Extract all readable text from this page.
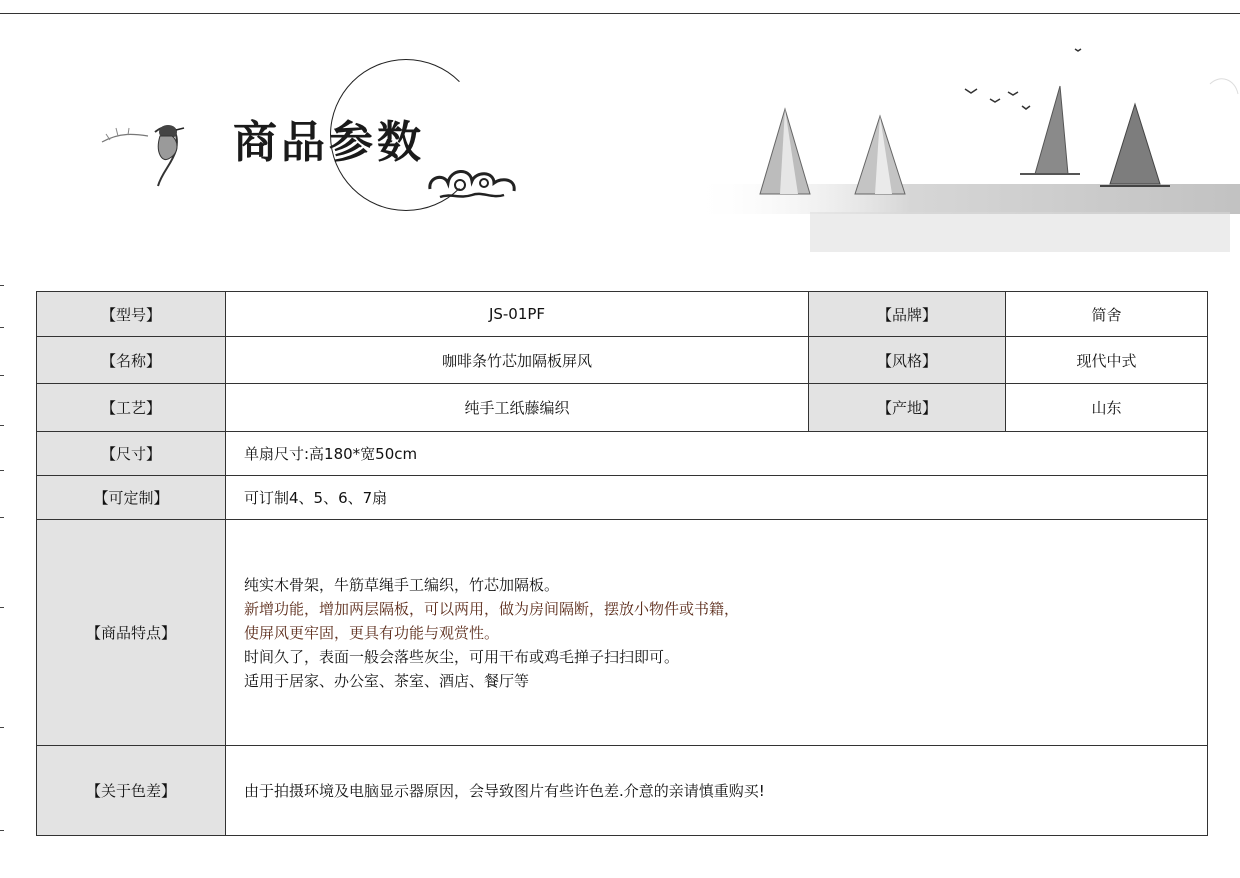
商品参数
【型号】	JS-01PF	【品牌】	简舍
【名称】	咖啡条竹芯加隔板屏风	【风格】	现代中式
【工艺】	纯手工纸藤编织	【产地】	山东
【尺寸】	单扇尺寸:高180*宽50cm		
【可定制】	可订制4、5、6、7扇		
【商品特点】	纯实木骨架，牛筋草绳手工编织，竹芯加隔板。
新增功能，增加两层隔板，可以两用，做为房间隔断，摆放小物件或书籍，
使屏风更牢固，更具有功能与观赏性。
时间久了，表面一般会落些灰尘，可用干布或鸡毛掸子扫扫即可。
适用于居家、办公室、茶室、酒店、餐厅等		

【关于色差】	由于拍摄环境及电脑显示器原因，会导致图片有些许色差.介意的亲请慎重购买!		
